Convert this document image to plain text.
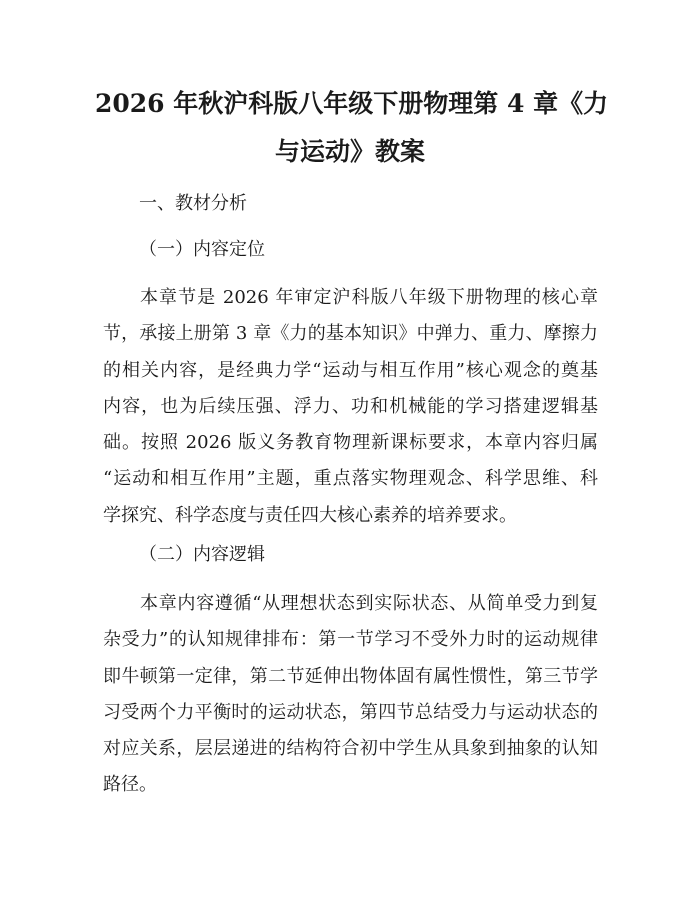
2026 年秋沪科版八年级下册物理第 4 章《力
与运动》教案
一、教材分析
（一）内容定位
本章节是 2026 年审定沪科版八年级下册物理的核心章
节，承接上册第 3 章《力的基本知识》中弹力、重力、摩擦力
的相关内容，是经典力学“运动与相互作用”核心观念的奠基
内容，也为后续压强、浮力、功和机械能的学习搭建逻辑基
础。按照 2026 版义务教育物理新课标要求，本章内容归属
“运动和相互作用”主题，重点落实物理观念、科学思维、科
学探究、科学态度与责任四大核心素养的培养要求。
（二）内容逻辑
本章内容遵循“从理想状态到实际状态、从简单受力到复
杂受力”的认知规律排布：第一节学习不受外力时的运动规律
即牛顿第一定律，第二节延伸出物体固有属性惯性，第三节学
习受两个力平衡时的运动状态，第四节总结受力与运动状态的
对应关系，层层递进的结构符合初中学生从具象到抽象的认知
路径。
